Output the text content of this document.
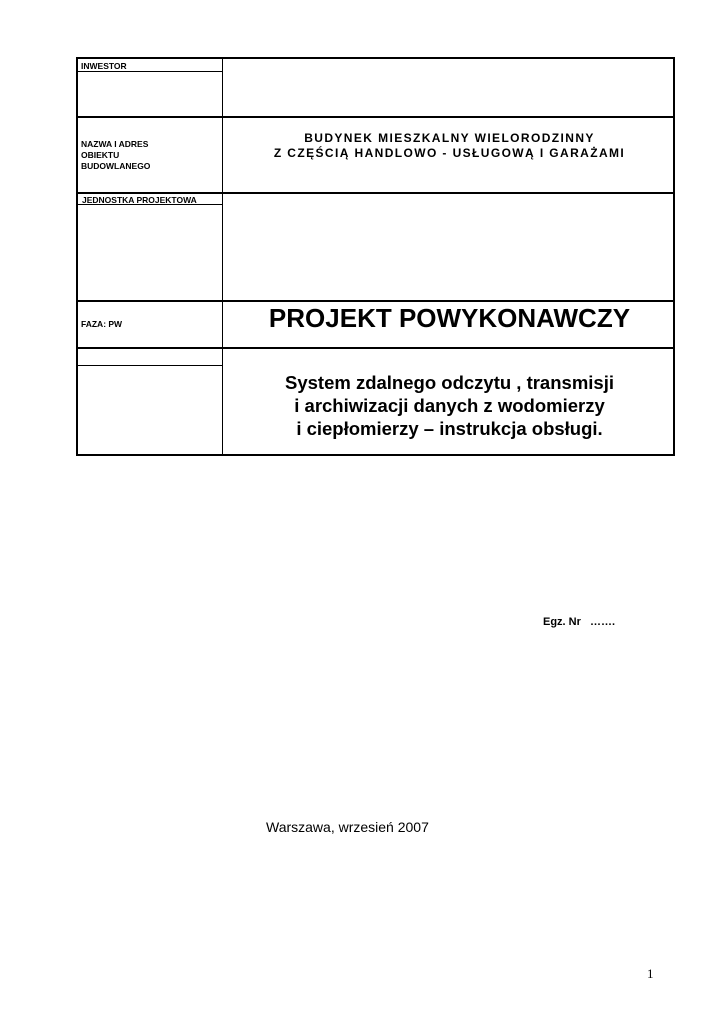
INWESTOR
NAZWA I ADRES
OBIEKTU
BUDOWLANEGO
BUDYNEK MIESZKALNY WIELORODZINNY
Z CZĘŚCIĄ HANDLOWO - USŁUGOWĄ I GARAŻAMI
JEDNOSTKA PROJEKTOWA
FAZA: PW	PROJEKT POWYKONAWCZY
System zdalnego odczytu , transmisji
i archiwizacji danych z wodomierzy
i ciepłomierzy – instrukcja obsługi.
Egz. Nr   …….
Warszawa, wrzesień 2007
1
